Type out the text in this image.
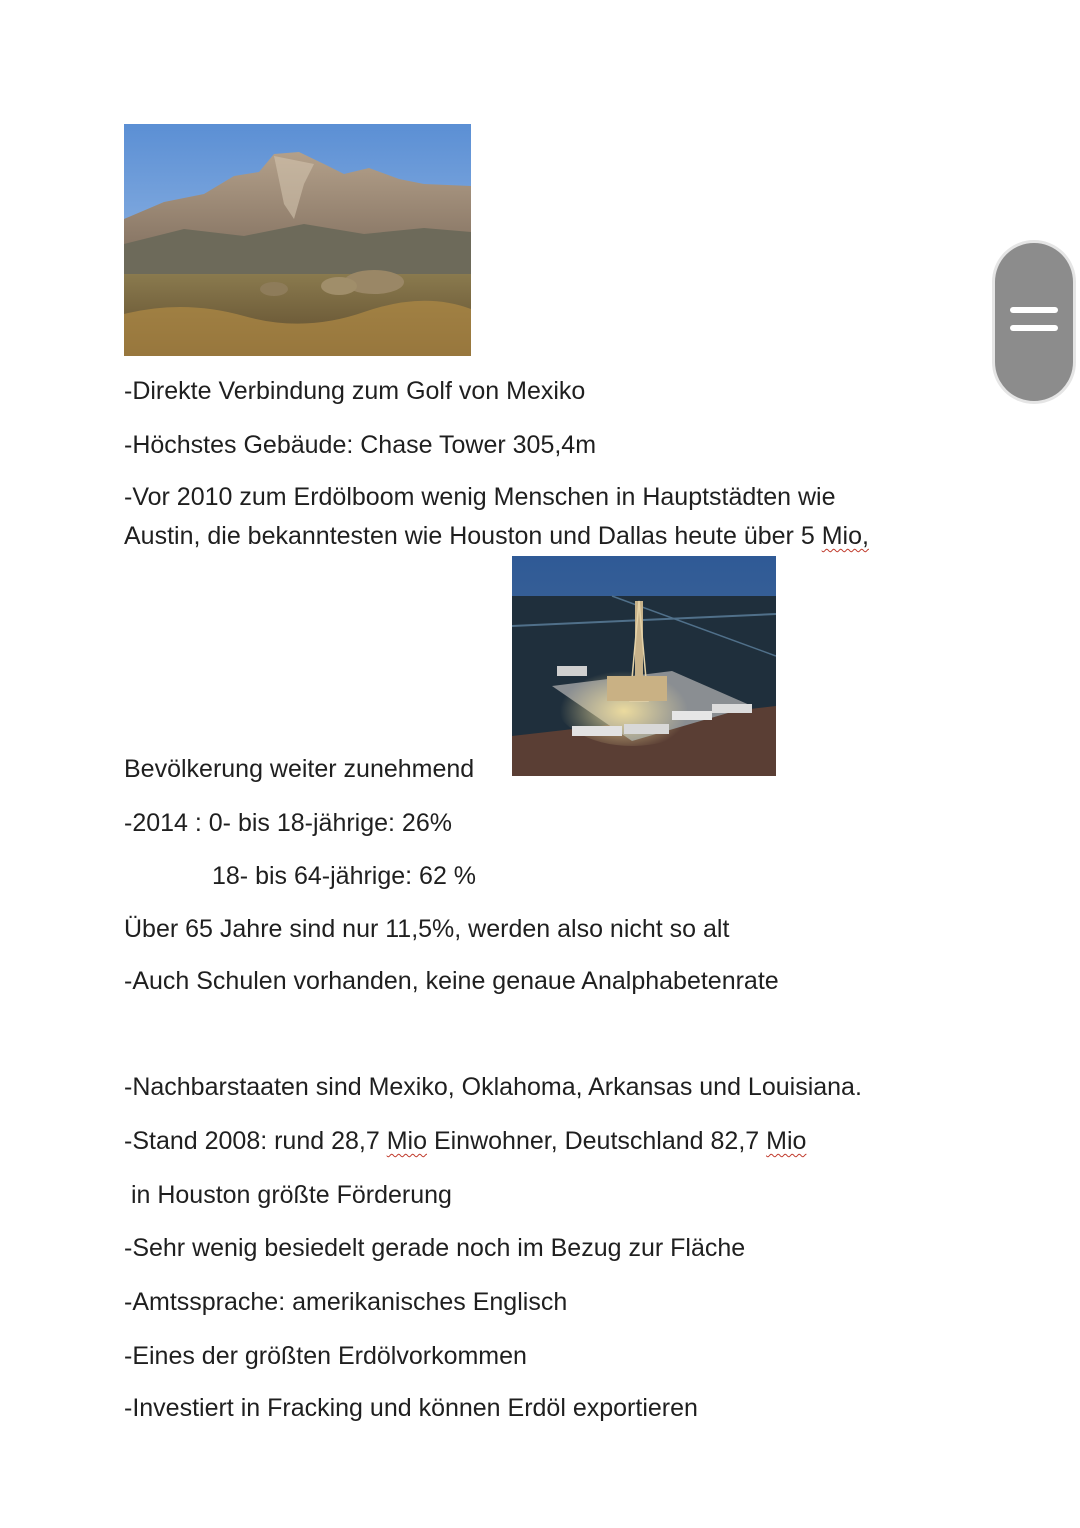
-Direkte Verbindung zum Golf von Mexiko
-Höchstes Gebäude: Chase Tower 305,4m
-Vor 2010 zum Erdölboom wenig Menschen in Hauptstädten wie
Austin, die bekanntesten wie Houston und Dallas heute über 5 Mio,
Bevölkerung weiter zunehmend
-2014 : 0- bis 18-jährige: 26%
18- bis 64-jährige: 62 %
Über 65 Jahre sind nur 11,5%, werden also nicht so alt
-Auch Schulen vorhanden, keine genaue Analphabetenrate
-Nachbarstaaten sind Mexiko, Oklahoma, Arkansas und Louisiana.
-Stand 2008: rund 28,7 Mio Einwohner, Deutschland 82,7 Mio
in Houston größte Förderung
-Sehr wenig besiedelt gerade noch im Bezug zur Fläche
-Amtssprache: amerikanisches Englisch
-Eines der größten Erdölvorkommen
-Investiert in Fracking und können Erdöl exportieren
